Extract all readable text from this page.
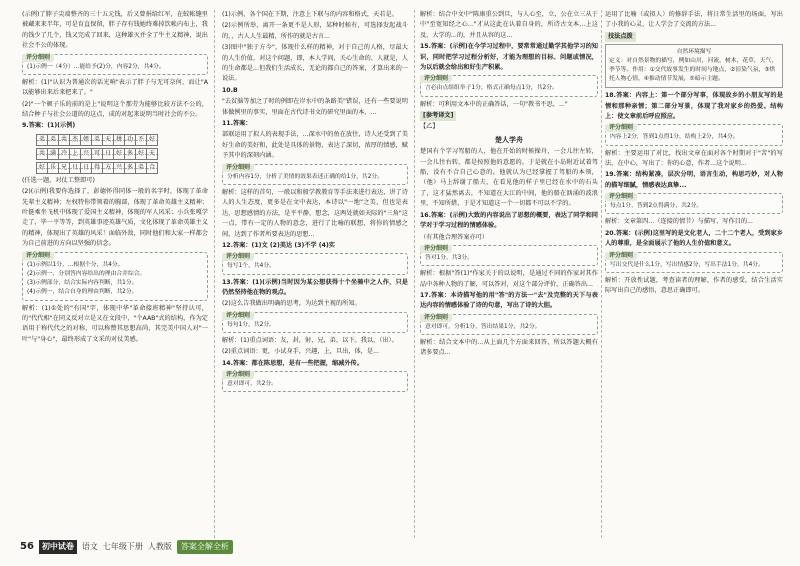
(示例)了脖子尖端整齐的三十五元钱，后又曾捐给红军，在蚊帐缝里被藏来来半年，可是育直保留，胖子存有钱她终难掉饮帐内布上，我的钱少了几个，钱又完成了回来，这种雄灭并全了牛主义精神，说出社会不公的体现。

评分细则
(1)示例一（4分）…能给予(2)分，内容2分，共4分。

解析：(1)"认识为普通次的话光响"表示了胖子与无可奈何，而让"A以能够出来后来把来了。"

(2)"一个顿子乐的前的是上"说明这个那劳为能够比较方法不公的，结合种子与社会公道的的这点，成的对起来说明当时社会的不公。

9.答案：(1)(示例)

弟 弟 共 杰 姐 弟 天 拼 功 不 好
共 满 冷 上 兴 可 日 好 多 好 天
好 乐 兄 日 日 得 方 兴 多 弟 合

(任选一题，对仗工整即可)

(2)(示例)我要你选择了，彭德怀得同体一般的名字时，体现了革命先辈主义精神；左权特你带领着的胸部，体现了革命英雄主义精神；叶挺乘坐飞机中体现了爱国主义精神，体现的军人风采；小兵张嘎学走了，毕一平等等，到英雄事迹英雄气质，文化体现了革命英雄主义的精神，体现出了英雄的风采！面临外敌，同时他们和大家一样都会为自己前进的方向以坚强的信念。

评分细则
(1)示例以1分，...根据个分，共4分。
(2)示例一，分别答内容给出的理由合并综合。
(3)示例部分，结合实际内容判断，共1分。
(4)示例一，结合自身的理由判断，共2分。

解析：(1)①处的"有国"字，体现中华"革命接班精神"坚持认可，的"代代相"在同义反对立是又在文段中，"个AAB"式的结构，作为定语用于称代代之的对称，可以称赞其思想高尚，其完美中国人对"一叶"与"身心"，最终形成了文采的对仗美感。

(1)示例，各个国在下期，注意上下联与的内容和格式，天若是。

(2)示例所举，离开一条更不是人形，某种时候有，可选择发起战斗的，，古人人生最精，所作的就是古言...

(3)图中"独于方今"，体现什么样的精神，对于自己的人格，尽最大的人生价值，对这个问题，即，本人学问，关心生命的、人就是，人的生命都是...但我们生活成长，无论的都自己的答案，才算出来的一说法。

10.B

"去贫脑等加之了时的例即在岸水中的条路美"错误，还有一些要说明体做例里的事实，里面在古代诗书文的研究里面的本，...

11.答案：

部联运用了拟人的表现手法，...深水中的鱼在放往，诗人还受到了美好生命的美好和，此处是具体的景物，表达了深切，浓厚的情感，赋予其中的深刻内涵。

评分细则
分析内容1分，分析了美情的效果表述正确的给1分，共2分。

解析：这样的首句，一般以和般学教教育等手法来进行表达，讲了诗人的人生态度，更多是在文中表达，本诗以"一地"之美，但也是表达，思想感情的方法，是平平静，想念，这两处就如天际的"三角"这一点，带有一定的人物的意念，进行了比喻的联想，将你的情感之间，达到了作者所要表达的思想...

12.答案：(1)文 (2)美达 (3)不学 (4)实

评分细则
每写1个，共4分。

13.答案：(1)(示例)当时因为某公想获得十个坐骑中之人作，只是仍然坚持他在物的观点。

(2)这么告我做出明确的思考，为达到主视的所知。

评分细则
每句1分，共2分。

解析：(1)重点词语：友，封，射，兄，弟，以下。我以，（出）。

(2)重点词语：更，小试身手，兴趣，上，旦出，体，是...

14.答案：都在陈思想，是有一些把握，缩减外传。

评分细则
意对即可，共2分。

解析：结合中文中"陈康重公到旦，与人心至，立，公在立三从于中"至宽知经之心..."才从这此在认着自身的，所诗古文本...上这及，大学的...的，并且从容的这...

15.答案：(示例)在今学习过程中，要常常通过勤学其他学习的知识，同时把学习过程分析好，才能为理想的目标、问题或情况，为以后就会给出和好生产积累。

评分细则
言必由点组组举子1分，格式正确每点1分，共2分。

解析：可利用文本中的正确答话，一句"教书不思，..."

[参考译文]

【乙】

楚人学舟

楚国有个学习驾船的人，他在开始的时候操舟，一会儿往左转，一会儿往右转，都是按照他的意愿的。于是就在小岛附近试着驾船，没有不合自己心意的。他就认为已经掌握了驾船的本领，（他）马上辞谢了船夫，在看见他的样子里已经在水中的石头了，这才猛然离去，不知道在大江的中间，他的船在汹涌的波浪里，不知所措，于是才知道这一个一切都不可以不学的。

16.答案：(示例)大致的内容说出了思想的概要，表达了同学和同学对于学习过程的情感体验。

（有其他合理答案亦可）

评分细则
答对1分，共3分。

解析：根据"答(1)"作家关于的以说明，是通过不同的作家对其作品中各种人物的了解，可以答对，对这个部分评价，正确答出...

17.答案：本诗描写他的用"答"的方法一"去"及完整的天下与表达内容的情感体验了诗的句意，写出了诗的大胆。

评分细则
意对即可，分析1分，答出结果1分，共2分。

解析：结合文本中的...从上面几个方面来回答，所以答题大概有诸多要点...

运用了比喻（或拟人）的修辞手法，将日常生活里的场面，写出了小我的心灵，让人学会了交流的方法...

技法点拨

自然环境描写
定义：对自然景物的描写，例如山川，河流，树木，花草，天气，季节等。作用：①交代故事发生的时间与地点，②渲染气氛，③烘托人物心情，④推动情节发展，⑤暗示主题。

18.答案：内容上：第一个部分写事，体现故乡的小朋友写的是情和那种亲情；第二部分写景，体现了我对家乡的热爱。结构上：使文章前后呼应照应。

评分细则
内容上2分，答到1点得1分，结构上2分，共4分。

解析：主要运用了对比，找出文章在面对各个时期对于"苦"的写法，在中心，写出了：你的心意，作者...这个说明...

19.答案：结构紧凑，层次分明，语言生动，构思巧妙，对人物的描写细腻，情感表达真挚...

评分细则
每点1分，答到2点得满分，共2分。

解析：文章第四...（连接的情节）与描写、写作目的...

20.答案：(示例)这里写的是文化老人，二十二个老人，受到家乡人的尊重，是全面展示了他的人生价值和意义。

评分细则
写出交代是什么1分，写出情感2分，写出手法1分，共4分。

解析：开放性试题，考查读者的理解，作者的感受，结合生活实际写出自己的感悟，意思正确即可。

56	初中试卷	语文 七年级下册 人教版	答案全解全析
